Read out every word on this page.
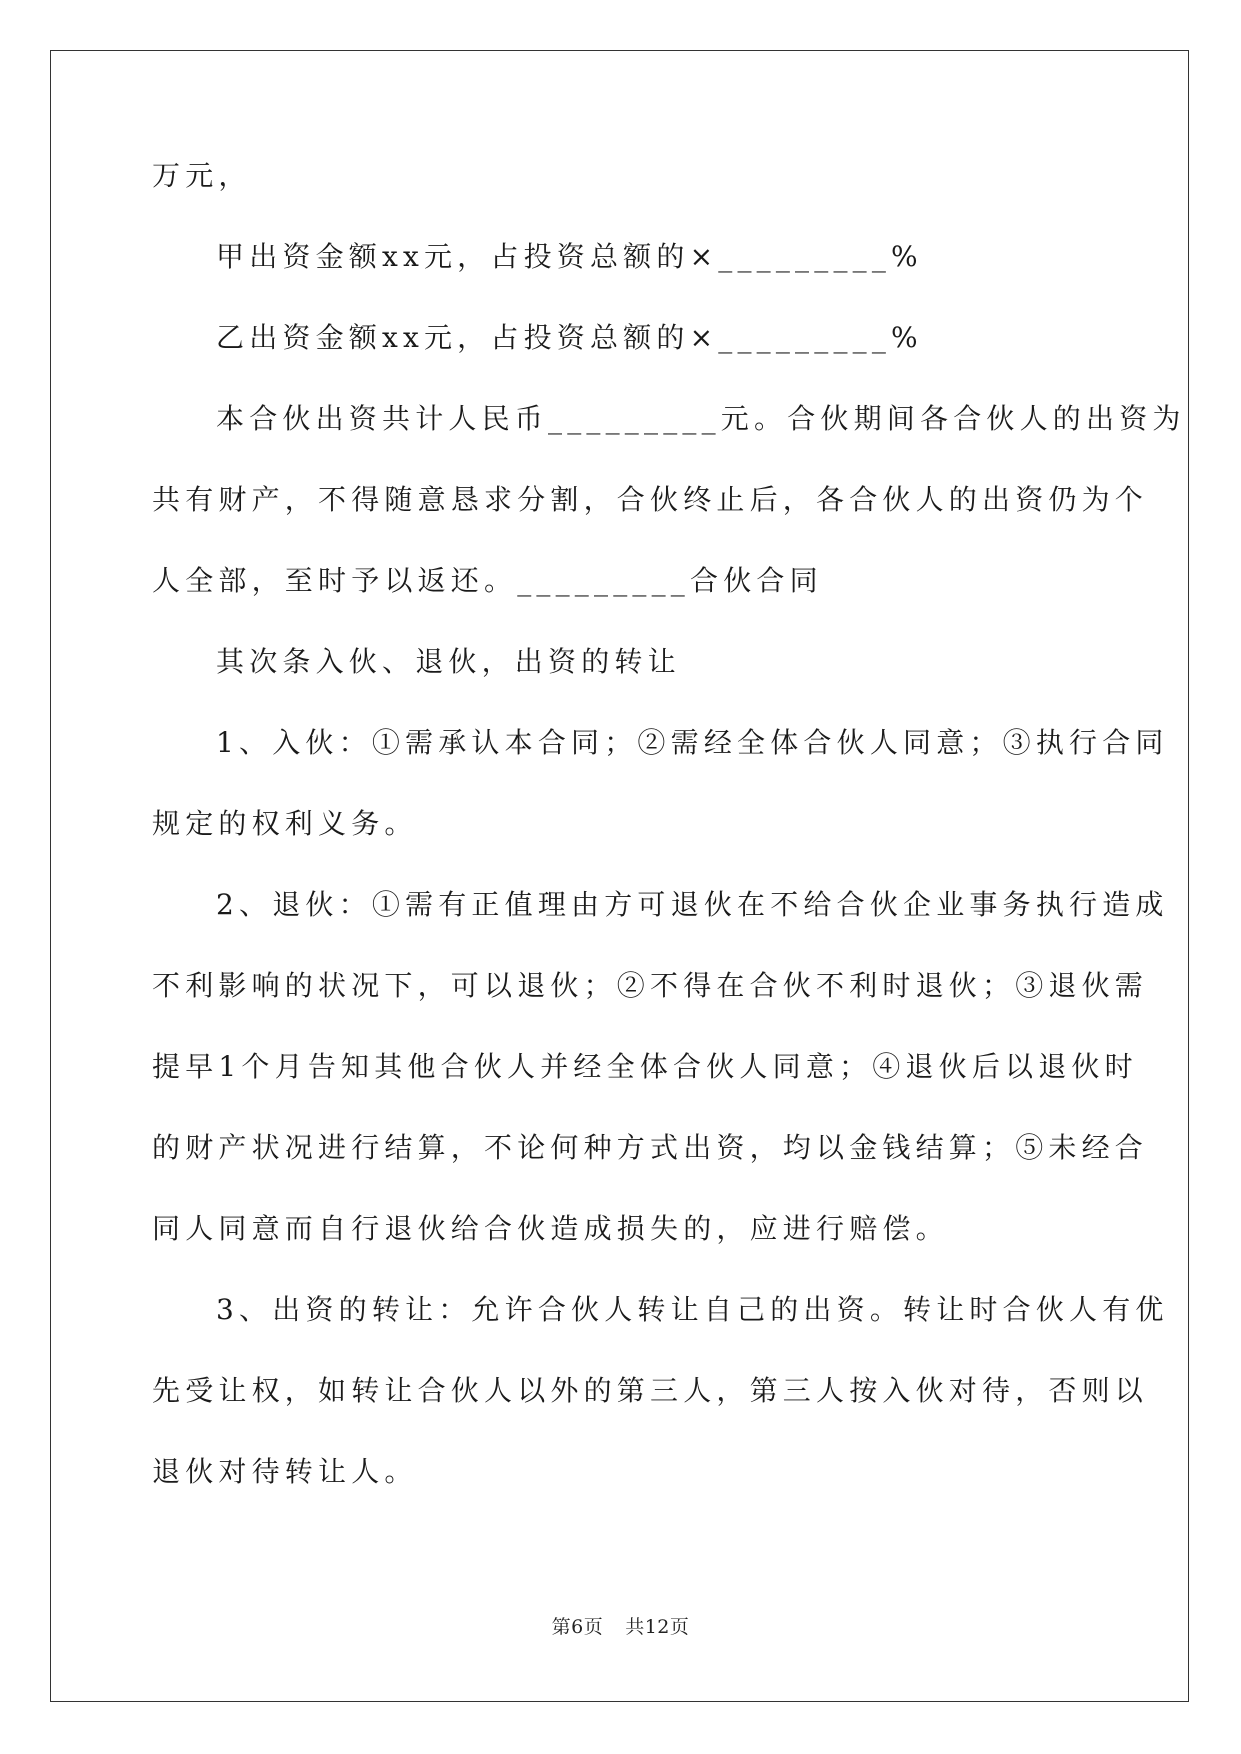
万元，
甲出资金额xx元，占投资总额的×_________%
乙出资金额xx元，占投资总额的×_________%
本合伙出资共计人民币_________元。合伙期间各合伙人的出资为
共有财产，不得随意恳求分割，合伙终止后，各合伙人的出资仍为个
人全部，至时予以返还。_________合伙合同
其次条入伙、退伙，出资的转让
1、入伙：①需承认本合同；②需经全体合伙人同意；③执行合同
规定的权利义务。
2、退伙：①需有正值理由方可退伙在不给合伙企业事务执行造成
不利影响的状况下，可以退伙；②不得在合伙不利时退伙；③退伙需
提早1个月告知其他合伙人并经全体合伙人同意；④退伙后以退伙时
的财产状况进行结算，不论何种方式出资，均以金钱结算；⑤未经合
同人同意而自行退伙给合伙造成损失的，应进行赔偿。
3、出资的转让：允许合伙人转让自己的出资。转让时合伙人有优
先受让权，如转让合伙人以外的第三人，第三人按入伙对待，否则以
退伙对待转让人。
第6页 共12页
